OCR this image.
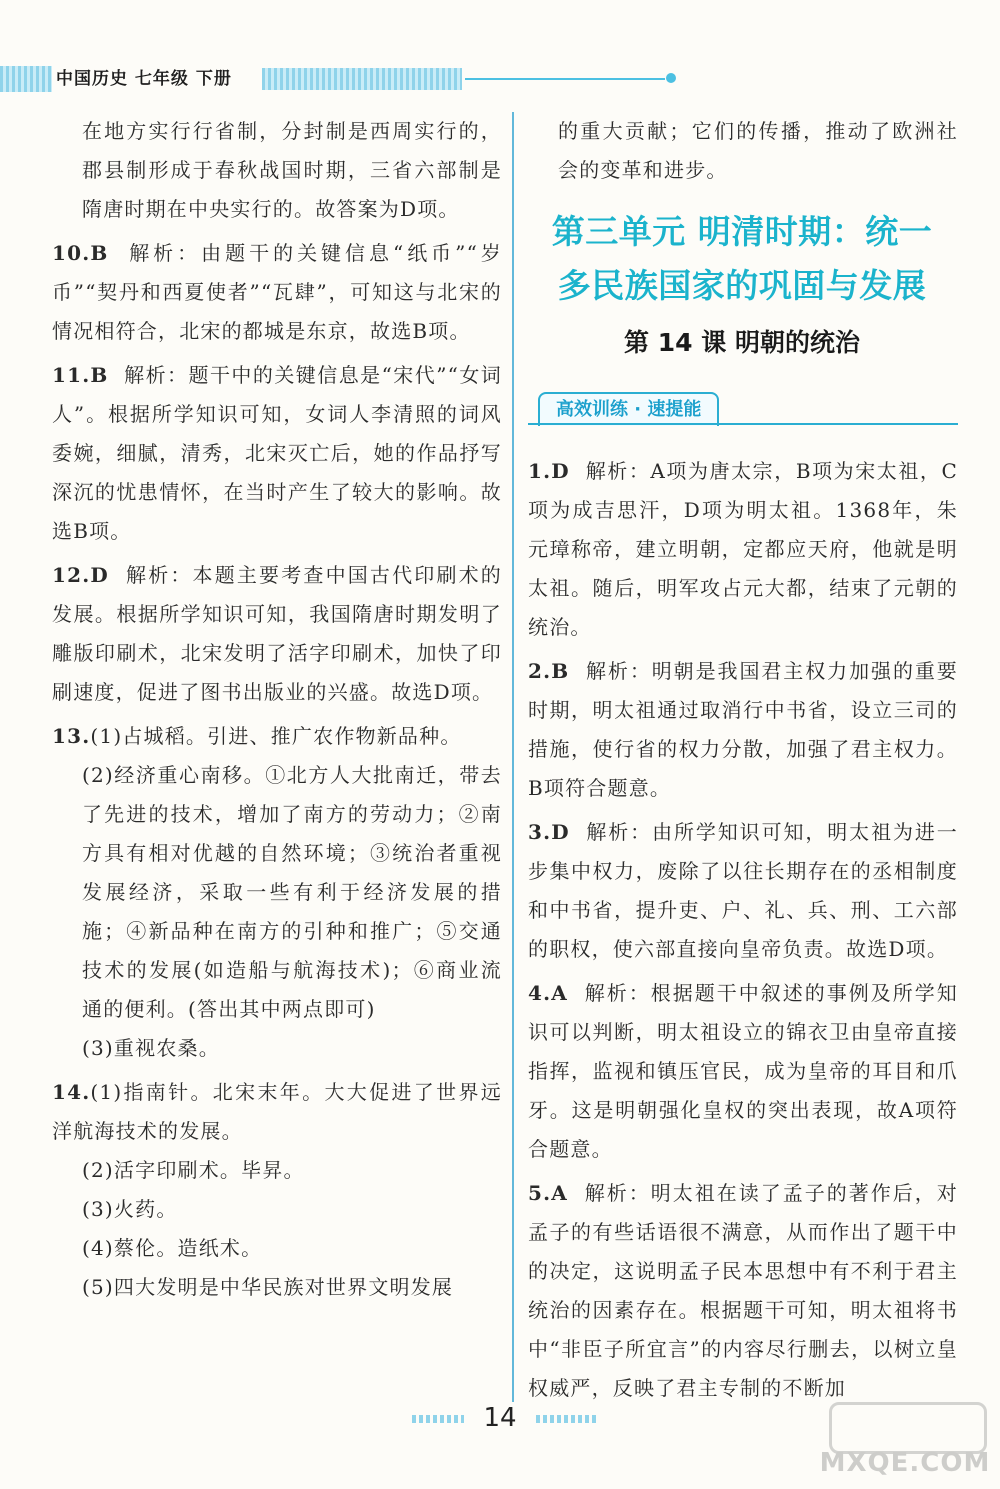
中国历史 七年级 下册

在地方实行行省制，分封制是西周实行的，郡县制形成于春秋战国时期，三省六部制是隋唐时期在中央实行的。故答案为D项。

10.B 解析：由题干的关键信息“纸币”“岁币”“契丹和西夏使者”“瓦肆”，可知这与北宋的情况相符合，北宋的都城是东京，故选B项。

11.B 解析：题干中的关键信息是“宋代”“女词人”。根据所学知识可知，女词人李清照的词风委婉，细腻，清秀，北宋灭亡后，她的作品抒写深沉的忧患情怀，在当时产生了较大的影响。故选B项。

12.D 解析：本题主要考查中国古代印刷术的发展。根据所学知识可知，我国隋唐时期发明了雕版印刷术，北宋发明了活字印刷术，加快了印刷速度，促进了图书出版业的兴盛。故选D项。

13.(1)占城稻。引进、推广农作物新品种。

(2)经济重心南移。①北方人大批南迁，带去了先进的技术，增加了南方的劳动力；②南方具有相对优越的自然环境；③统治者重视发展经济，采取一些有利于经济发展的措施；④新品种在南方的引种和推广；⑤交通技术的发展(如造船与航海技术)；⑥商业流通的便利。(答出其中两点即可)

(3)重视农桑。

14.(1)指南针。北宋末年。大大促进了世界远洋航海技术的发展。

(2)活字印刷术。毕昇。

(3)火药。

(4)蔡伦。造纸术。

(5)四大发明是中华民族对世界文明发展

的重大贡献；它们的传播，推动了欧洲社会的变革和进步。

第三单元 明清时期：统一
多民族国家的巩固与发展
第 14 课 明朝的统治
高效训练 · 速提能

1.D 解析：A项为唐太宗，B项为宋太祖，C项为成吉思汗，D项为明太祖。1368年，朱元璋称帝，建立明朝，定都应天府，他就是明太祖。随后，明军攻占元大都，结束了元朝的统治。

2.B 解析：明朝是我国君主权力加强的重要时期，明太祖通过取消行中书省，设立三司的措施，使行省的权力分散，加强了君主权力。B项符合题意。

3.D 解析：由所学知识可知，明太祖为进一步集中权力，废除了以往长期存在的丞相制度和中书省，提升吏、户、礼、兵、刑、工六部的职权，使六部直接向皇帝负责。故选D项。

4.A 解析：根据题干中叙述的事例及所学知识可以判断，明太祖设立的锦衣卫由皇帝直接指挥，监视和镇压官民，成为皇帝的耳目和爪牙。这是明朝强化皇权的突出表现，故A项符合题意。

5.A 解析：明太祖在读了孟子的著作后，对孟子的有些话语很不满意，从而作出了题干中的决定，这说明孟子民本思想中有不利于君主统治的因素存在。根据题干可知，明太祖将书中“非臣子所宜言”的内容尽行删去，以树立皇权威严，反映了君主专制的不断加

14
MXQE.COM
